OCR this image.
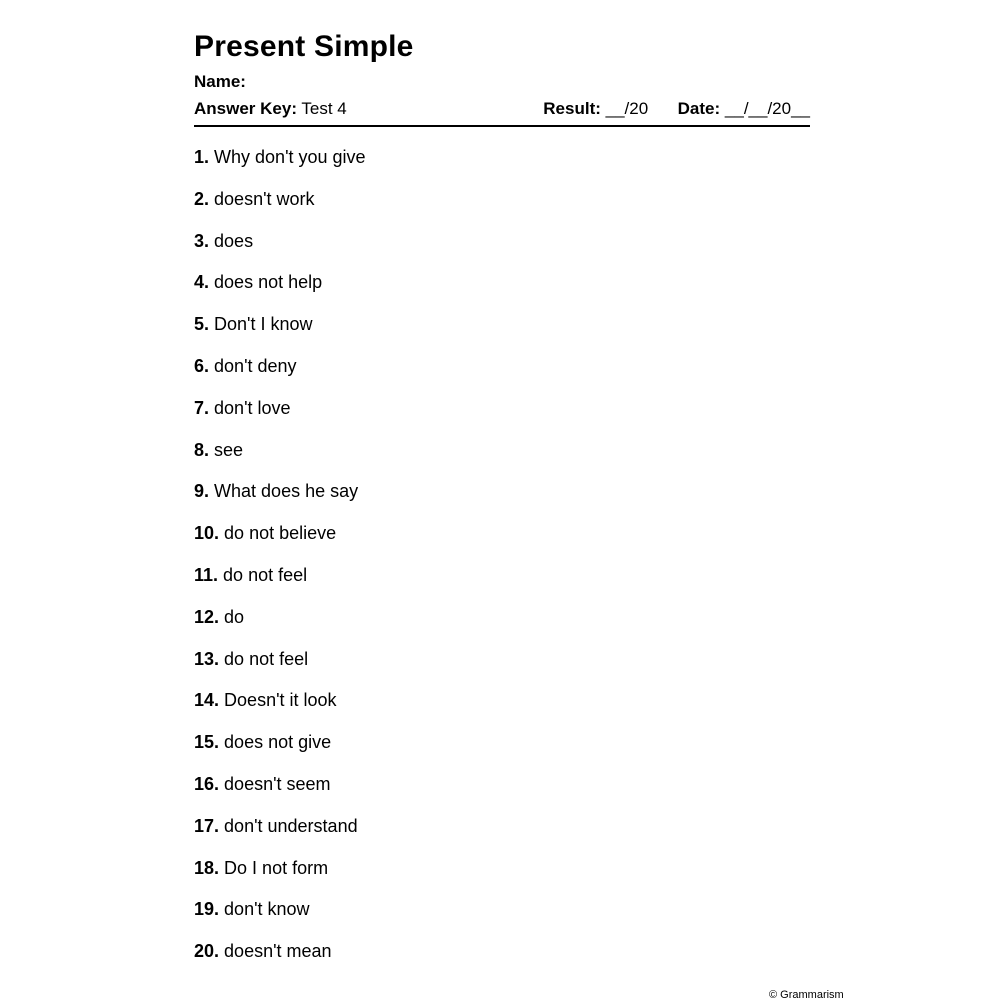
Present Simple
Name:
Answer Key: Test 4	Result: __/20 Date: __/__/20__
1. Why don't you give
2. doesn't work
3. does
4. does not help
5. Don't I know
6. don't deny
7. don't love
8. see
9. What does he say
10. do not believe
11. do not feel
12. do
13. do not feel
14. Doesn't it look
15. does not give
16. doesn't seem
17. don't understand
18. Do I not form
19. don't know
20. doesn't mean
© Grammarism
